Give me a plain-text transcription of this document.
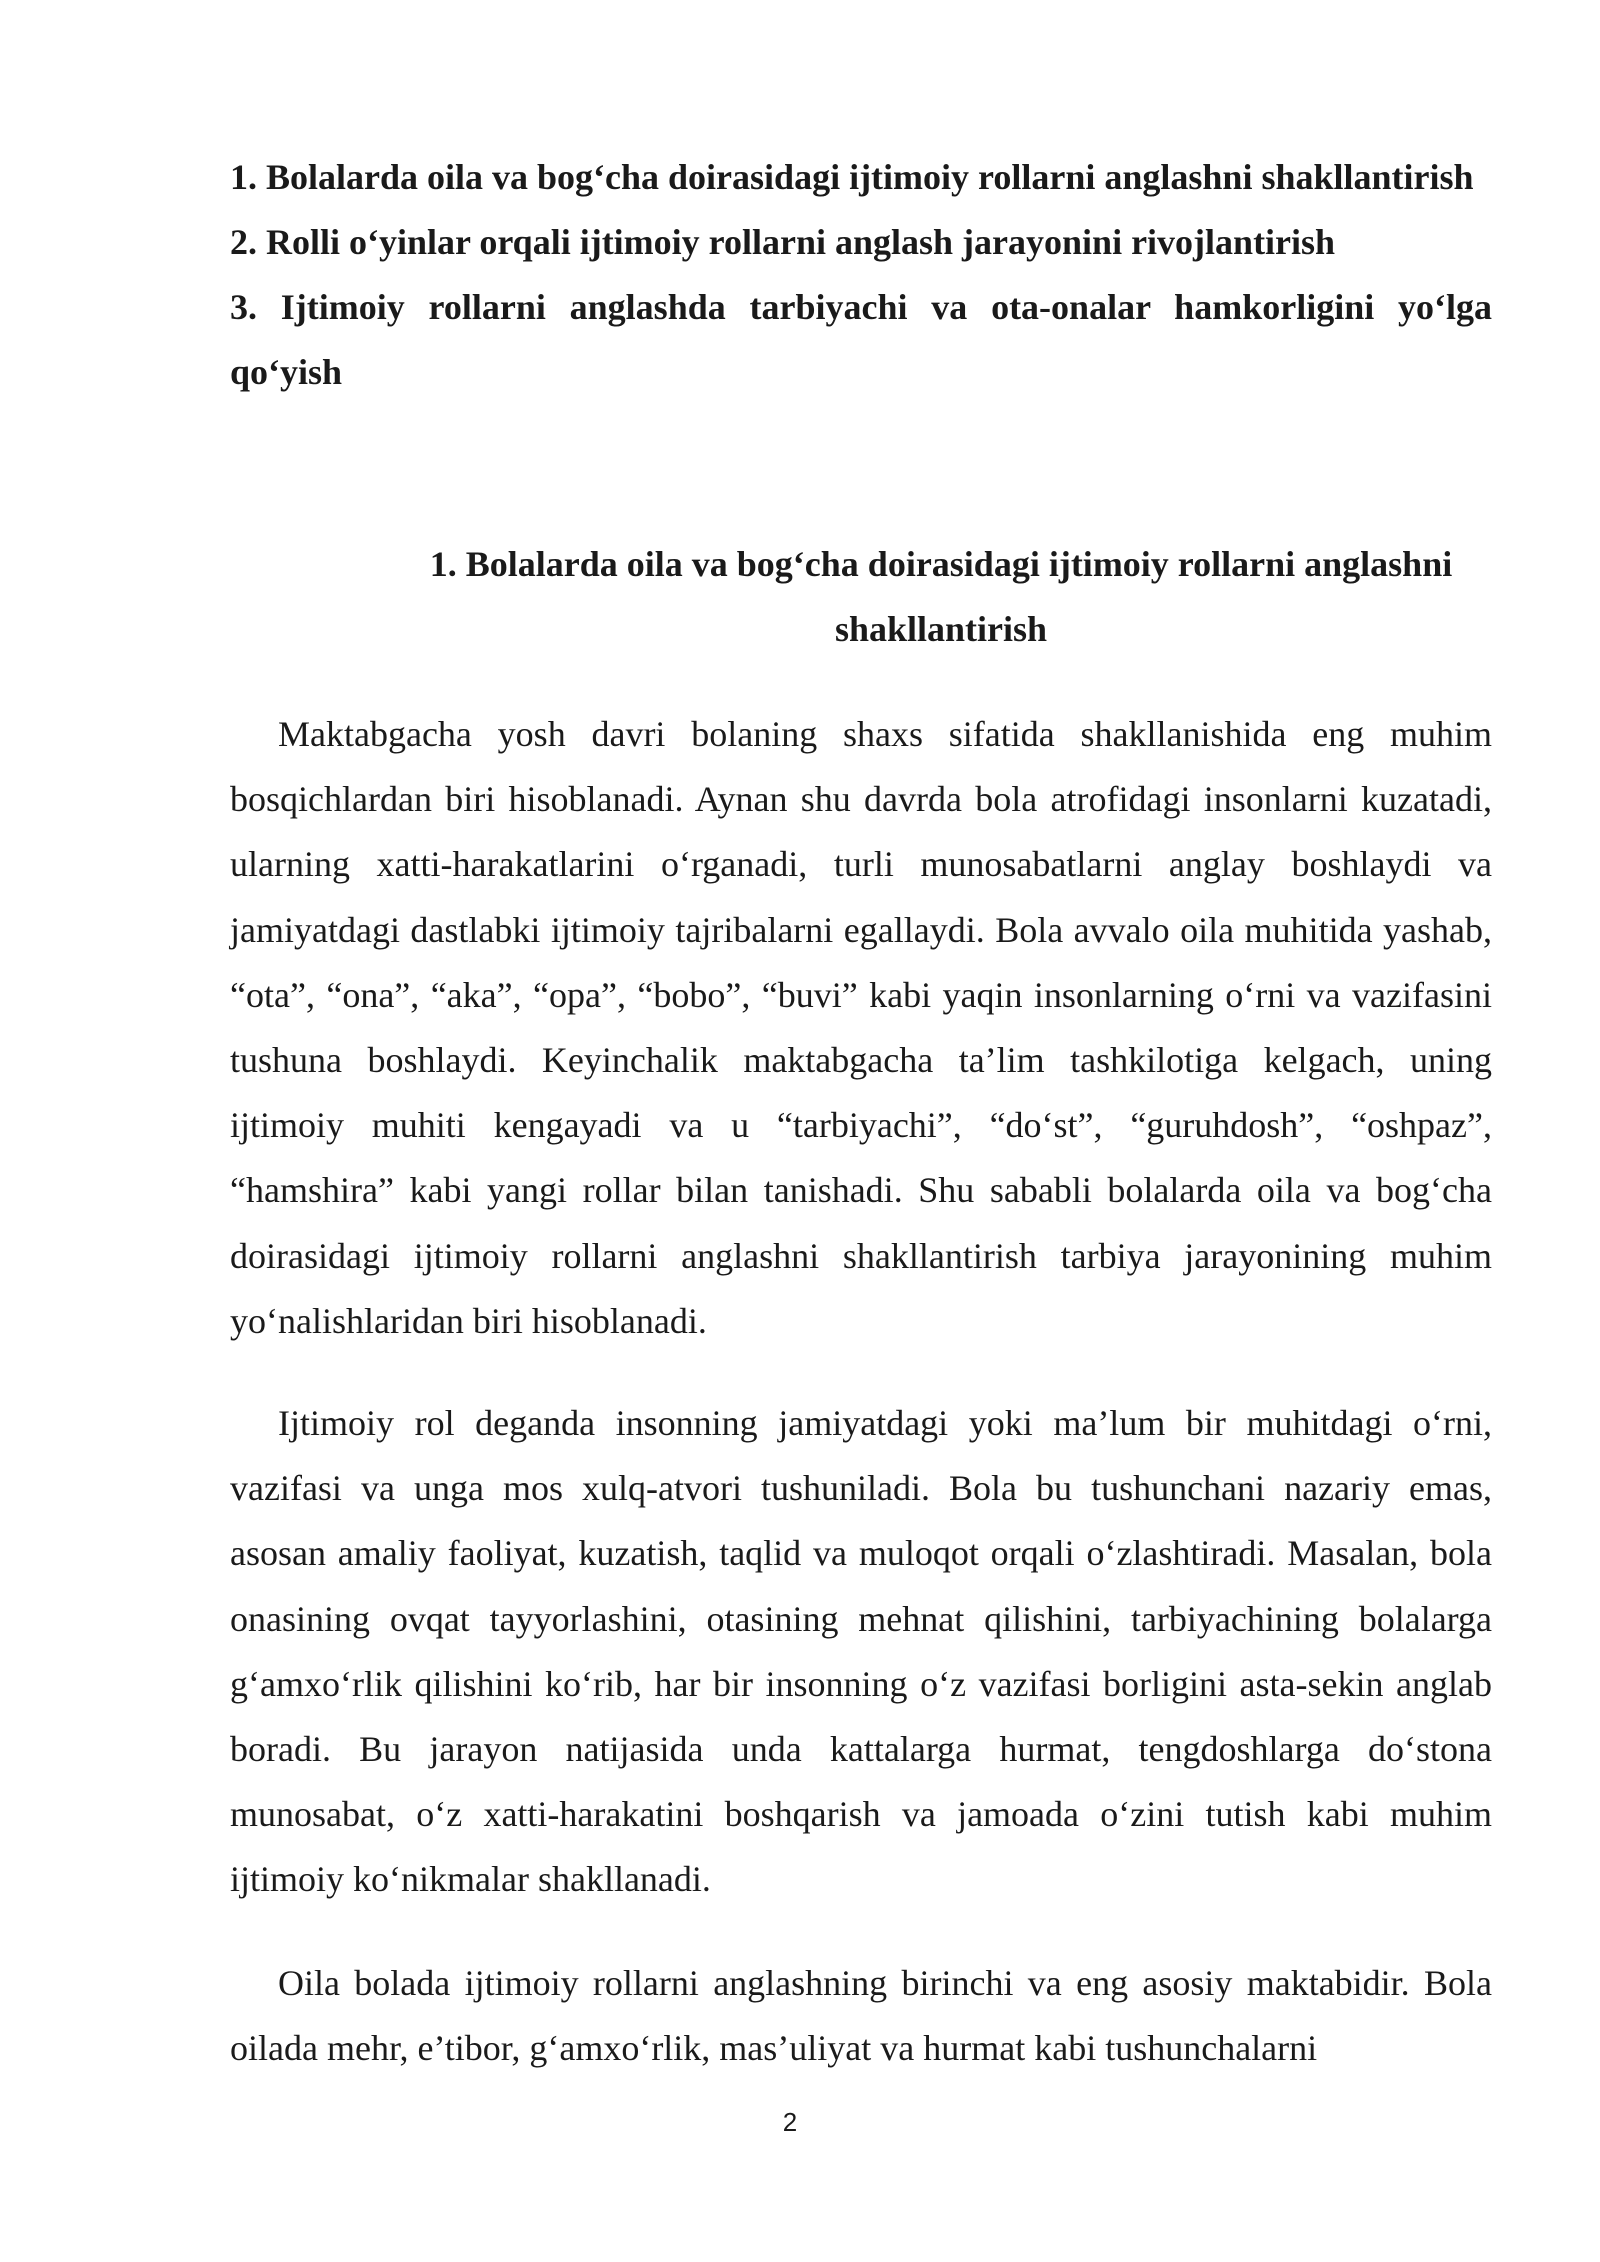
1. Bolalarda oila va bog‘cha doirasidagi ijtimoiy rollarni anglashni shakllantirish

2. Rolli o‘yinlar orqali ijtimoiy rollarni anglash jarayonini rivojlantirish

3. Ijtimoiy rollarni anglashda tarbiyachi va ota-onalar hamkorligini yo‘lga qo‘yish

1. Bolalarda oila va bog‘cha doirasidagi ijtimoiy rollarni anglashni shakllantirish

Maktabgacha yosh davri bolaning shaxs sifatida shakllanishida eng muhim bosqichlardan biri hisoblanadi. Aynan shu davrda bola atrofidagi insonlarni kuzatadi, ularning xatti-harakatlarini o‘rganadi, turli munosabatlarni anglay boshlaydi va jamiyatdagi dastlabki ijtimoiy tajribalarni egallaydi. Bola avvalo oila muhitida yashab, “ota”, “ona”, “aka”, “opa”, “bobo”, “buvi” kabi yaqin insonlarning o‘rni va vazifasini tushuna boshlaydi. Keyinchalik maktabgacha ta’lim tashkilotiga kelgach, uning ijtimoiy muhiti kengayadi va u “tarbiyachi”, “do‘st”, “guruhdosh”, “oshpaz”, “hamshira” kabi yangi rollar bilan tanishadi. Shu sababli bolalarda oila va bog‘cha doirasidagi ijtimoiy rollarni anglashni shakllantirish tarbiya jarayonining muhim yo‘nalishlaridan biri hisoblanadi.

Ijtimoiy rol deganda insonning jamiyatdagi yoki ma’lum bir muhitdagi o‘rni, vazifasi va unga mos xulq-atvori tushuniladi. Bola bu tushunchani nazariy emas, asosan amaliy faoliyat, kuzatish, taqlid va muloqot orqali o‘zlashtiradi. Masalan, bola onasining ovqat tayyorlashini, otasining mehnat qilishini, tarbiyachining bolalarga g‘amxo‘rlik qilishini ko‘rib, har bir insonning o‘z vazifasi borligini asta-sekin anglab boradi. Bu jarayon natijasida unda kattalarga hurmat, tengdoshlarga do‘stona munosabat, o‘z xatti-harakatini boshqarish va jamoada o‘zini tutish kabi muhim ijtimoiy ko‘nikmalar shakllanadi.

Oila bolada ijtimoiy rollarni anglashning birinchi va eng asosiy maktabidir. Bola oilada mehr, e’tibor, g‘amxo‘rlik, mas’uliyat va hurmat kabi tushunchalarni

2
